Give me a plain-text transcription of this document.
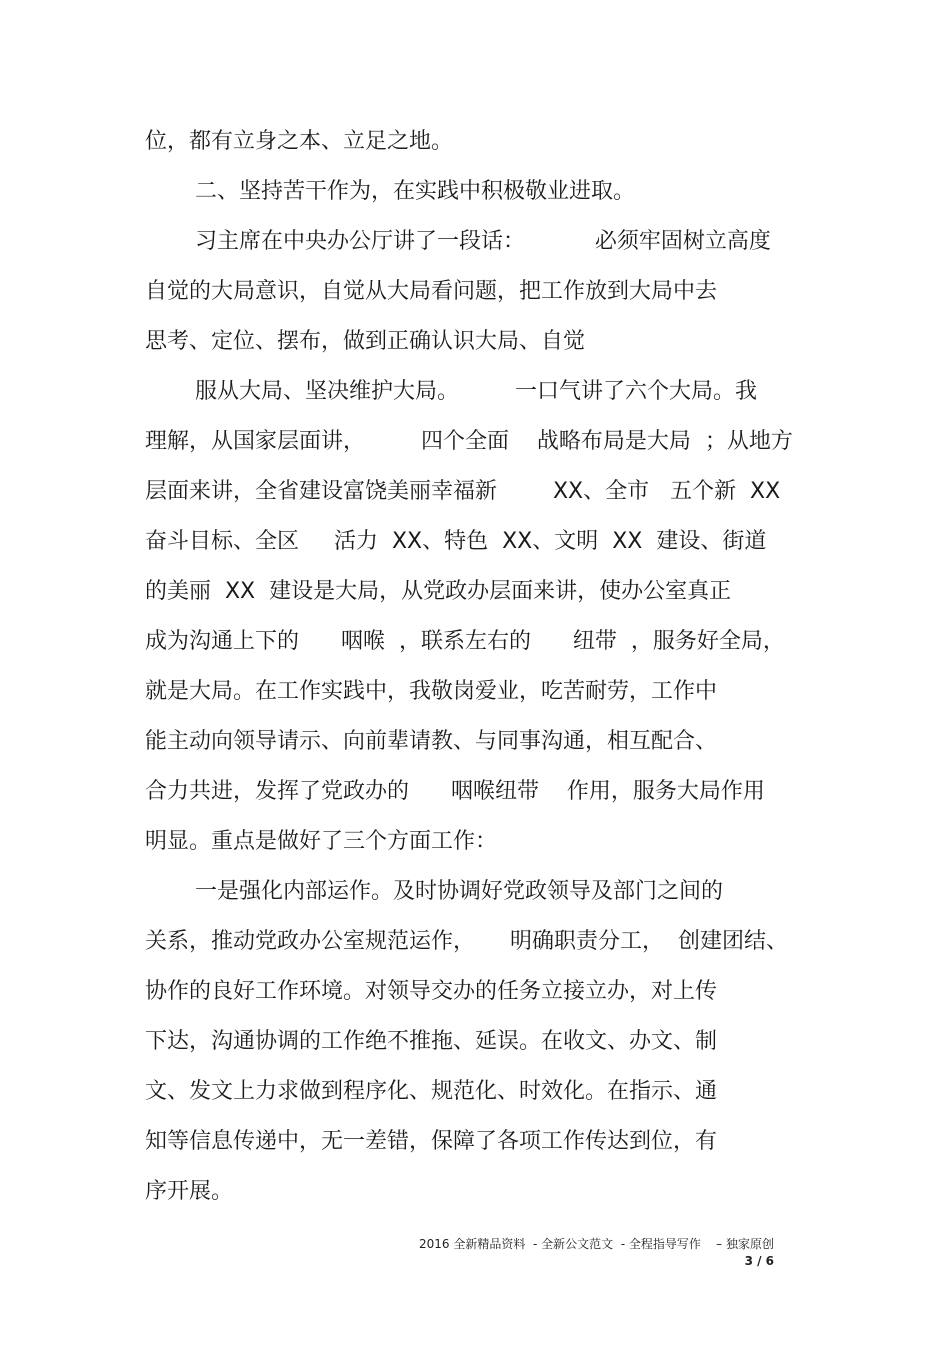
位，都有立身之本、立足之地。
二、坚持苦干作为，在实践中积极敬业进取。
习主席在中央办公厅讲了一段话：          必须牢固树立高度
自觉的大局意识，自觉从大局看问题，把工作放到大局中去
思考、定位、摆布，做到正确认识大局、自觉
服从大局、坚决维护大局。        一口气讲了六个大局。我
理解，从国家层面讲，        四个全面    战略布局是大局  ；从地方
层面来讲，全省建设富饶美丽幸福新        XX、全市   五个新  XX
奋斗目标、全区     活力  XX、特色  XX、文明  XX  建设、街道
的美丽  XX  建设是大局，从党政办层面来讲，使办公室真正
成为沟通上下的      咽喉  ，联系左右的      纽带  ，服务好全局，
就是大局。在工作实践中，我敬岗爱业，吃苦耐劳，工作中
能主动向领导请示、向前辈请教、与同事沟通，相互配合、
合力共进，发挥了党政办的      咽喉纽带    作用，服务大局作用
明显。重点是做好了三个方面工作：
一是强化内部运作。及时协调好党政领导及部门之间的
关系，推动党政办公室规范运作，     明确职责分工，  创建团结、
协作的良好工作环境。对领导交办的任务立接立办，对上传
下达，沟通协调的工作绝不推拖、延误。在收文、办文、制
文、发文上力求做到程序化、规范化、时效化。在指示、通
知等信息传递中，无一差错，保障了各项工作传达到位，有
序开展。
2016 全新精品资料  - 全新公文范文  - 全程指导写作    – 独家原创
3 / 6
